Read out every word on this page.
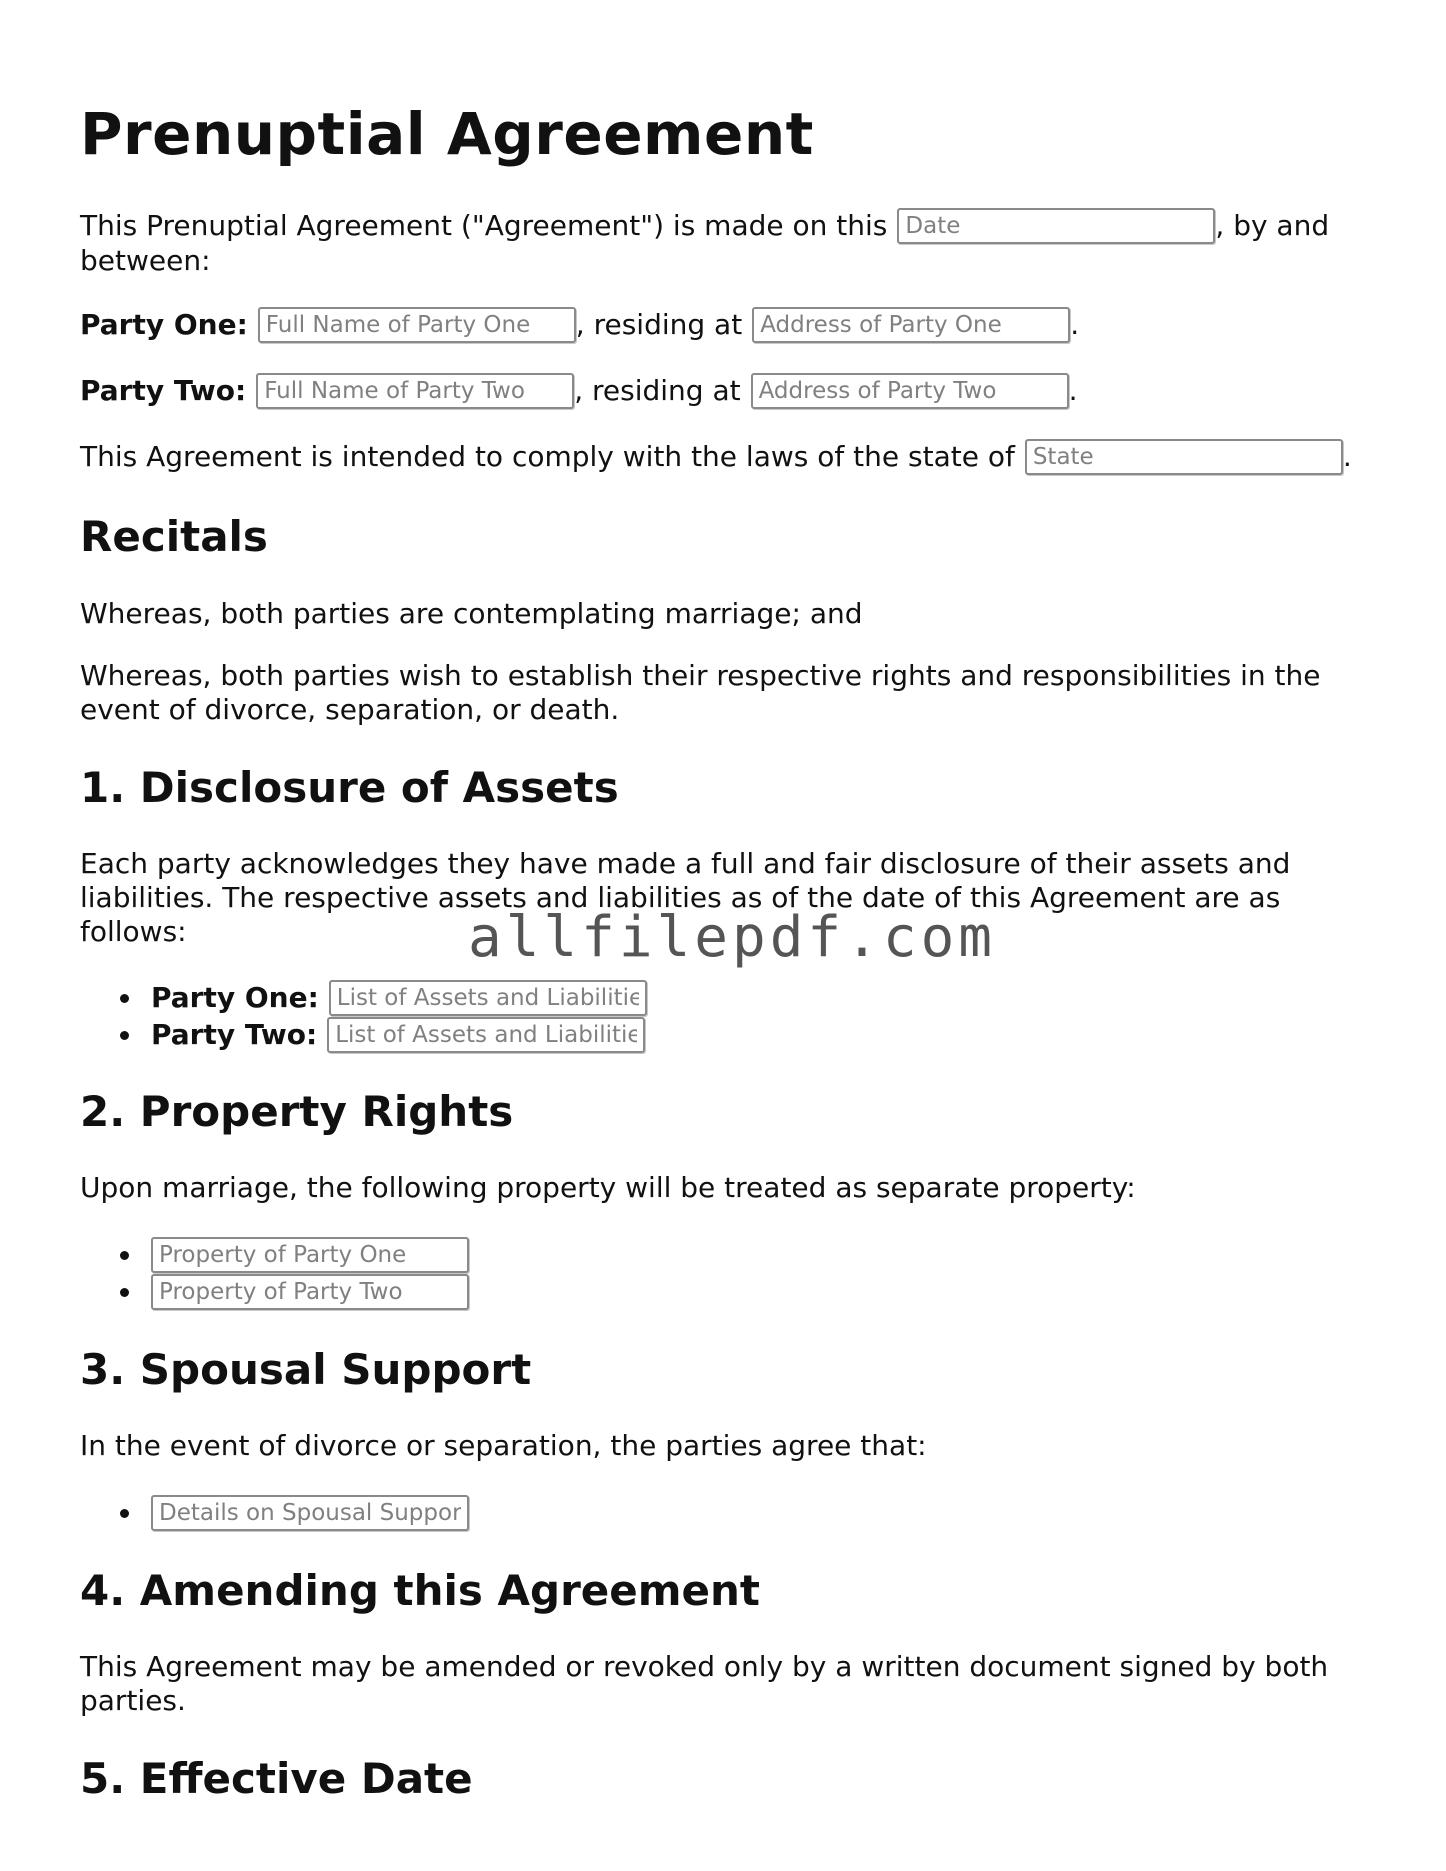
Prenuptial Agreement
This Prenuptial Agreement ("Agreement") is made on this
Date	, by and
between:
Party One:
Full Name of Party One	, residing at
Address of Party One	.
Party Two:
Full Name of Party Two	, residing at
Address of Party Two	.
This Agreement is intended to comply with the laws of the state of
State	.
Recitals

Whereas, both parties are contemplating marriage; and

Whereas, both parties wish to establish their respective rights and responsibilities in the event of divorce, separation, or death.

1. Disclosure of Assets

Each party acknowledges they have made a full and fair disclosure of their assets and liabilities. The respective assets and liabilities as of the date of this Agreement are as follows:

Party One:
List of Assets and Liabilities
Party Two:
List of Assets and Liabilities
2. Property Rights

Upon marriage, the following property will be treated as separate property:

Property of Party One
Property of Party Two
3. Spousal Support

In the event of divorce or separation, the parties agree that:

Details on Spousal Support
4. Amending this Agreement

This Agreement may be amended or revoked only by a written document signed by both parties.

5. Effective Date
allfilepdf.com
